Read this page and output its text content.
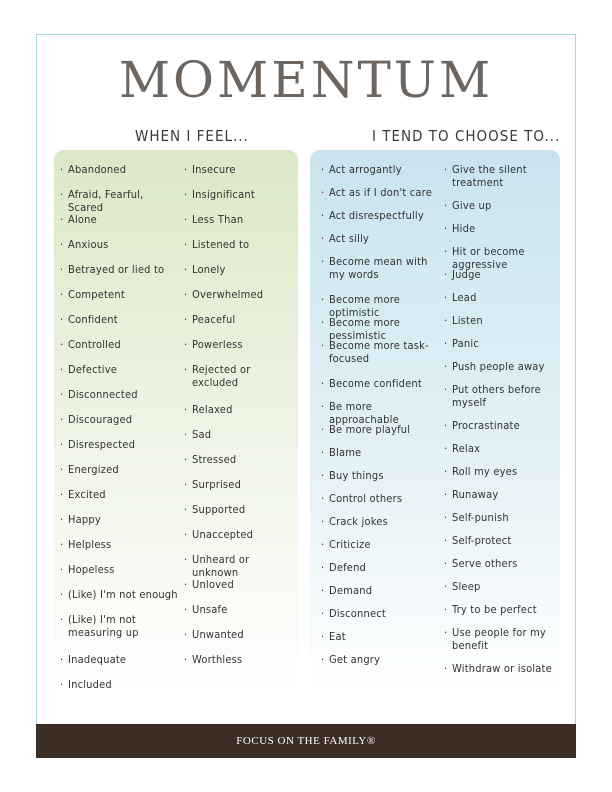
MOMENTUM
WHEN I FEEL...	I TEND TO CHOOSE TO...
· Abandoned
· Afraid, Fearful, Scared
· Alone
· Anxious
· Betrayed or lied to
· Competent
· Confident
· Controlled
· Defective
· Disconnected
· Discouraged
· Disrespected
· Energized
· Excited
· Happy
· Helpless
· Hopeless
· (Like) I'm not enough
· (Like) I'm not measuring up
· Inadequate
· Included
· Insecure
· Insignificant
· Less Than
· Listened to
· Lonely
· Overwhelmed
· Peaceful
· Powerless
· Rejected or excluded
· Relaxed
· Sad
· Stressed
· Surprised
· Supported
· Unaccepted
· Unheard or unknown
· Unloved
· Unsafe
· Unwanted
· Worthless
· Act arrogantly
· Act as if I don't care
· Act disrespectfully
· Act silly
· Become mean with my words
· Become more optimistic
· Become more pessimistic
· Become more task-focused
· Become confident
· Be more approachable
· Be more playful
· Blame
· Buy things
· Control others
· Crack jokes
· Criticize
· Defend
· Demand
· Disconnect
· Eat
· Get angry
· Give the silent treatment
· Give up
· Hide
· Hit or become aggressive
· Judge
· Lead
· Listen
· Panic
· Push people away
· Put others before myself
· Procrastinate
· Relax
· Roll my eyes
· Runaway
· Self-punish
· Self-protect
· Serve others
· Sleep
· Try to be perfect
· Use people for my benefit
· Withdraw or isolate
FOCUS ON THE FAMILY®
